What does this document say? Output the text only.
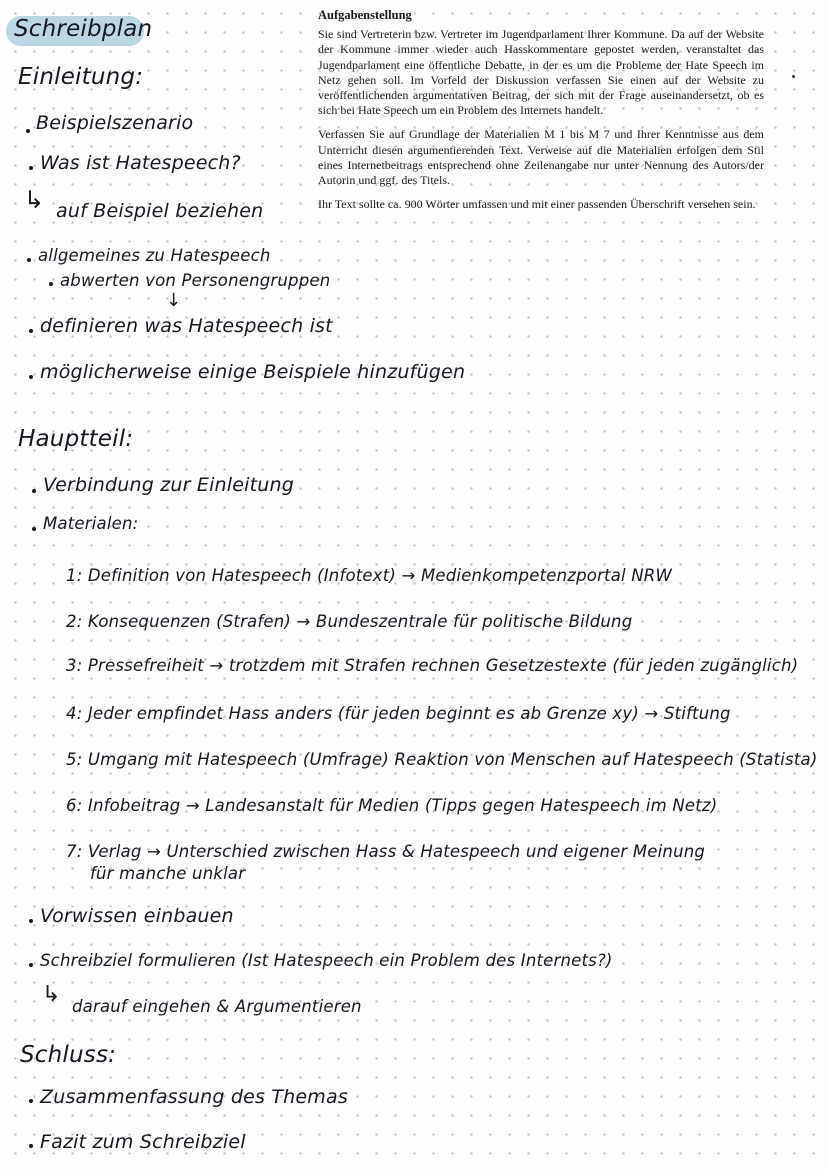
Schreibplan
Aufgabenstellung

Sie sind Vertreterin bzw. Vertreter im Jugendparlament Ihrer Kommune. Da auf der Website der Kommune immer wieder auch Hasskommentare gepostet werden, veranstaltet das Jugendparlament eine öffentliche Debatte, in der es um die Probleme der Hate Speech im Netz gehen soll. Im Vorfeld der Diskussion verfassen Sie einen auf der Website zu veröffentlichenden argumentativen Beitrag, der sich mit der Frage auseinandersetzt, ob es sich bei Hate Speech um ein Problem des Internets handelt.

Verfassen Sie auf Grundlage der Materialien M 1 bis M 7 und Ihrer Kenntnisse aus dem Unterricht diesen argumentierenden Text. Verweise auf die Materialien erfolgen dem Stil eines Internetbeitrags entsprechend ohne Zeilenangabe nur unter Nennung des Autors/der Autorin und ggf. des Titels.

Ihr Text sollte ca. 900 Wörter umfassen und mit einer passenden Überschrift versehen sein.

Einleitung:
Beispielszenario
Was ist Hatespeech?
↳ auf Beispiel beziehen
allgemeines zu Hatespeech
abwerten von Personengruppen
↓
definieren was Hatespeech ist
möglicherweise einige Beispiele hinzufügen
Hauptteil:
Verbindung zur Einleitung
Materialen:
1: Definition von Hatespeech (Infotext) → Medienkompetenzportal NRW
2: Konsequenzen (Strafen) → Bundeszentrale für politische Bildung
3: Pressefreiheit → trotzdem mit Strafen rechnen Gesetzestexte (für jeden zugänglich)
4: Jeder empfindet Hass anders (für jeden beginnt es ab Grenze xy) → Stiftung
5: Umgang mit Hatespeech (Umfrage) Reaktion von Menschen auf Hatespeech (Statista)
6: Infobeitrag → Landesanstalt für Medien (Tipps gegen Hatespeech im Netz)
7: Verlag → Unterschied zwischen Hass & Hatespeech und eigener Meinung
für manche unklar
Vorwissen einbauen
Schreibziel formulieren (Ist Hatespeech ein Problem des Internets?)
↳ darauf eingehen & Argumentieren
Schluss:
Zusammenfassung des Themas
Fazit zum Schreibziel
